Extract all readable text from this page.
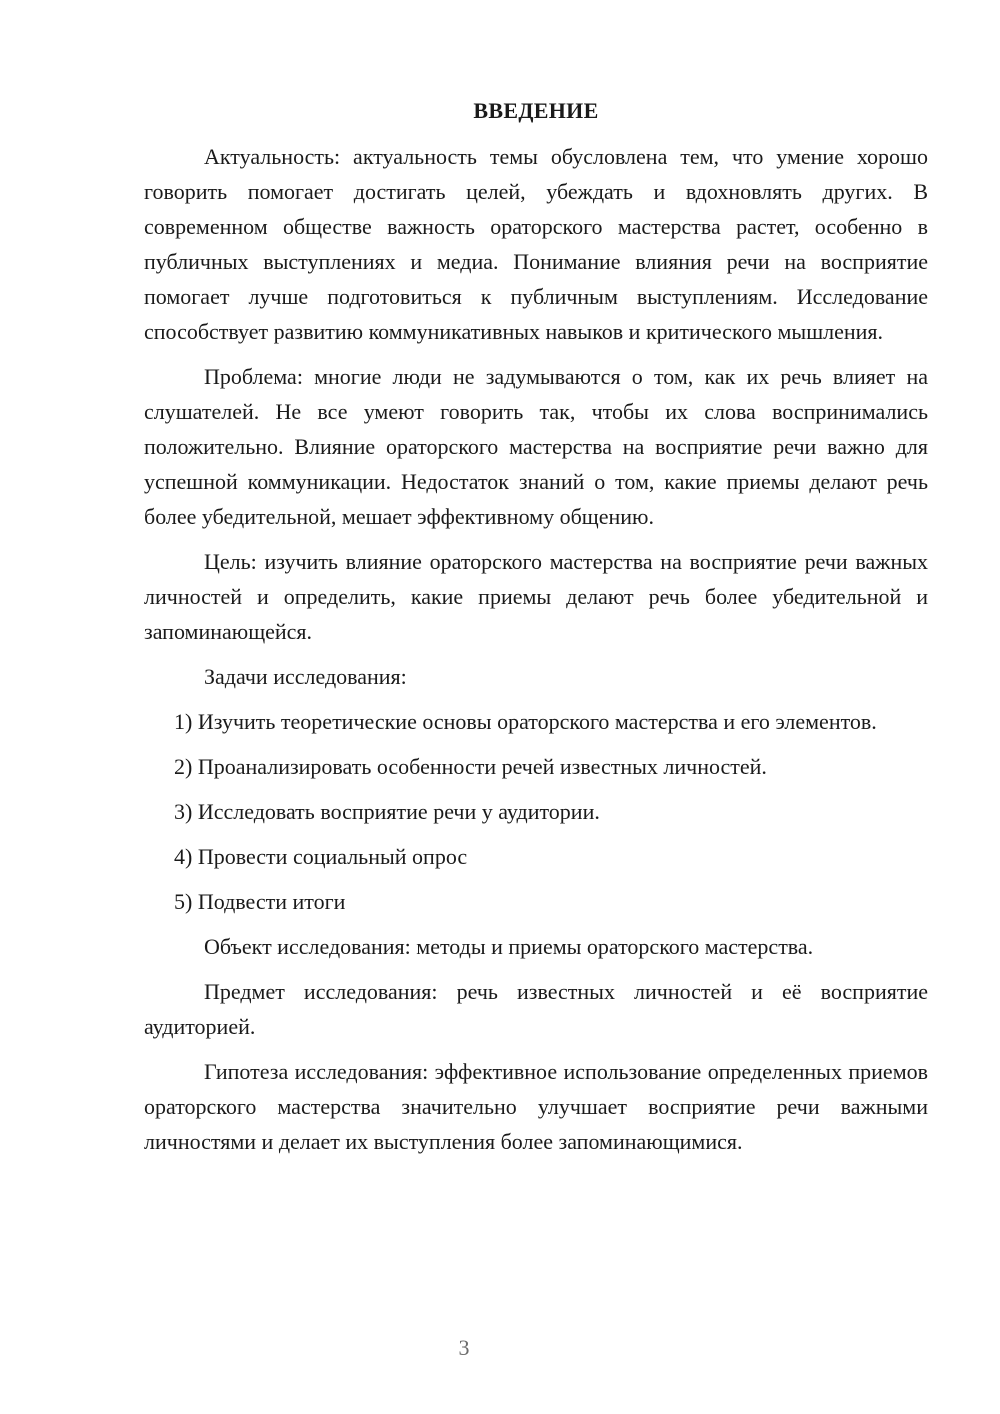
ВВЕДЕНИЕ

Актуальность: актуальность темы обусловлена тем, что умение хорошо говорить помогает достигать целей, убеждать и вдохновлять других. В современном обществе важность ораторского мастерства растет, особенно в публичных выступлениях и медиа. Понимание влияния речи на восприятие помогает лучше подготовиться к публичным выступлениям. Исследование способствует развитию коммуникативных навыков и критического мышления.

Проблема: многие люди не задумываются о том, как их речь влияет на слушателей. Не все умеют говорить так, чтобы их слова воспринимались положительно. Влияние ораторского мастерства на восприятие речи важно для успешной коммуникации. Недостаток знаний о том, какие приемы делают речь более убедительной, мешает эффективному общению.

Цель: изучить влияние ораторского мастерства на восприятие речи важных личностей и определить, какие приемы делают речь более убедительной и запоминающейся.

Задачи исследования:

1) Изучить теоретические основы ораторского мастерства и его элементов.

2) Проанализировать особенности речей известных личностей.

3) Исследовать восприятие речи у аудитории.

4) Провести социальный опрос

5) Подвести итоги

Объект исследования: методы и приемы ораторского мастерства.

Предмет исследования: речь известных личностей и её восприятие аудиторией.

Гипотеза исследования: эффективное использование определенных приемов ораторского мастерства значительно улучшает восприятие речи важными личностями и делает их выступления более запоминающимися.

3
